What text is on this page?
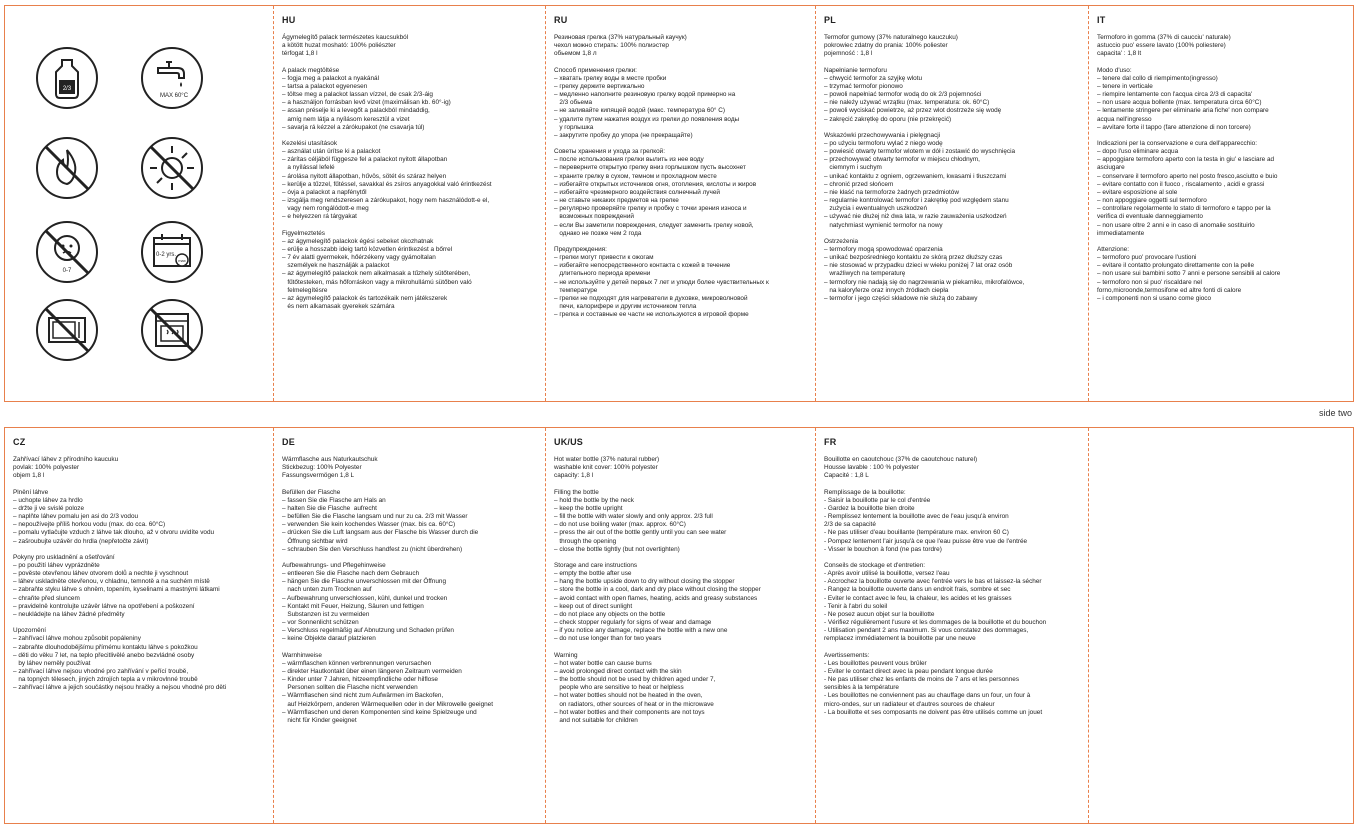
2/3
MAX 60°C
0-7
0-2 yrs.
max
HU
Ágymelegítő palack természetes kaucsukból
a kötött huzat mosható: 100% poliészter
térfogat 1,8 l
A palack megtöltése
– fogja meg a palackot a nyakánál
– tartsa a palackot egyenesen
– töltse meg a palackot lassan vízzel, de csak 2/3-áig
– a használjon forrásban levő vizet (maximálisan kb. 60°-ig)
– assan préselje ki a levegőt a palackból mindaddig,
amíg nem látja a nyílásom keresztül a vizet
– savarja rá kézzel a zárókupakot (ne csavarja túl)
Kezelési utasítások
– asználat után ürítse ki a palackot
– zárítas céljából függesze fel a palackot nyitott állapotban
a nyílással lefelé
– árolása nyitott állapotban, hűvös, sötét és száraz helyen
– kerülje a tűzzel, fűtéssel, savakkal és zsíros anyagokkal való érintkezést
– óvja a palackot a napfénytől
– izsgálja meg rendszeresen a zárókupakot, hogy nem használódott-e el,
vagy nem rongálódott-e meg
– e helyezzen rá tárgyakat
Figyelmeztetés
– az ágymelegítő palackok égési sebeket okozhatnak
– erülje a hosszabb ideig tartó közvetlen érintkezést a bőrrel
– 7 év alatti gyermekek, hőérzékeny vagy gyámoltalan
személyek ne használják a palackot
– az ágymelegítő palackok nem alkalmasak a tűzhely sütőterében,
fűtőtesteken, más hőforráskon vagy a mikrohullámú sütőben való
felmelegítésre
– az ágymelegítő palackok és tartozékaik nem játékszerek
és nem alkamasak gyerekek számára
RU
Резиновая грелка (37% натуральный каучук)
чехол можно стирать: 100% полиэстер
обьемом 1,8 л
Способ применения грелки:
– хватать грелку воды в месте пробки
– грелку держите вертикально
– медленно наполните резиновую грелку водой примерно на
2/3 обьема
– не заливайте кипящей водой (макс. температура 60° C)
– удалите путем нажатия воздух из грелки до появления воды
у горлышка
– закрутите пробку до упора (не прекращайте)
Советы хранения и ухода за грелкой:
– после использования грелки вылить из нее воду
– переверните открытую грелку вниз горлышком пусть высохнет
– храните грелку в сухом, темном и прохладном месте
– избегайте открытых источников огня, отопления, кислоты и жиров
– избегайте чрезмерного воздействия солнечный лучей
– не ставьте никаких предметов на грелке
– регулярно проверяйте грелку и пробку с точки зрения износа и
возможных повреждений
– если Вы заметили повреждения, следует заменить грелку новой,
однако не позже чем 2 года
Предупреждения:
– грелки могут привести к ожогам
– избегайте непосредственного контакта с кожей в течение
длительного периода времени
– не используйте у детей первых 7 лет и улюди более чувствительных к
температуре
– грелки не подходят для нагреватели в духовке, микроволновой
печи, калорифере и другим источником тепла
– грелка и составные ее части не используются в игровой форме
PL
Termofor gumowy (37% naturalnego kauczuku)
pokrowiec zdatny do prania: 100% poliester
pojemność : 1,8 l
Napełnianie termoforu
– chwycić termofor za szyjkę wlotu
– trzymać termofor pionowo
– powoli napełniać termofor wodą do ok 2/3 pojemności
– nie należy używać wrzątku (max. temperatura: ok. 60°C)
– powoli wyciskać powietrze, aż przez wlot dostrzeże się wodę
– zakręcić zakrętkę do oporu (nie przekręcić)
Wskazówki przechowywania i pielęgnacji
– po użyciu termoforu wylać z niego wodę
– powiesić otwarty termofor wlotem w dół i zostawić do wyschnięcia
– przechowywać otwarty termofor w miejscu chłodnym,
ciemnym i suchym
– unikać kontaktu z ogniem, ogrzewaniem, kwasami i tłuszczami
– chronić przed słońcem
– nie kłaść na termoforze żadnych przedmiotów
– regularnie kontrolować termofor i zakrętkę pod względem stanu
zużycia i ewentualnych uszkodzeń
– używać nie dłużej niż dwa lata, w razie zauważenia uszkodzeń
natychmiast wymienić termofor na nowy
Ostrzeżenia
– termofory mogą spowodować oparzenia
– unikać bezpośredniego kontaktu ze skórą przez dłuższy czas
– nie stosować w przypadku dzieci w wieku poniżej 7 lat oraz osób
wrażliwych na temperaturę
– termofory nie nadają się do nagrzewania w piekarniku, mikrofalówce,
na kaloryferze oraz innych źródłach ciepła
– termofor i jego części składowe nie służą do zabawy
IT
Termoforo in gomma (37% di caucciu' naturale)
astuccio puo' essere lavato (100% poliestere)
capacita' : 1,8 lt
Modo d'uso:
– tenere dal collo di riempimento(ingresso)
– tenere in verticale
– riempire lentamente con l'acqua circa 2/3 di capacita'
– non usare acqua bollente (max. temperatura circa 60°C)
– lentamente stringere per eliminarie aria fiche' non compare
acqua nell'ingresso
– avvitare forte il tappo (fare attenzione di non torcere)
Indicazioni per la conservazione e cura dell'apparecchio:
– dopo l'uso eliminare acqua
– appoggiare termoforo aperto con la testa in giu' e lasciare ad
asciugare
– conservare il termoforo aperto nel posto fresco,asciutto e buio
– evitare contatto con il fuoco , riscalamento , acidi e grassi
– evitare esposizione al sole
– non appoggiare oggetti sul termoforo
– controllare regolarmente lo stato di termoforo e tappo per la
verifica di eventuale danneggiamento
– non usare oltre 2 anni e in caso di anomalie sostituirlo
immediatamente
Attenzione:
– termoforo puo' provocare l'ustioni
– evitare il contatto prolungato direttamente con la pelle
– non usare sui bambini sotto 7 anni e persone sensibili al calore
– termoforo non si puo' riscaldare nel
forno,microonde,termosifone ed altre fonti di calore
– i componenti non si usano come gioco
side two
CZ
Zahřívací láhev z přírodního kaucuku
povlak: 100% polyester
objem 1,8 l
Plnění láhve
– uchopte láhev za hrdlo
– držte ji ve svislé poloze
– naplňte láhev pomalu jen asi do 2/3 vodou
– nepoužívejte příliš horkou vodu (max. do cca. 60°C)
– pomalu vytlačujte vzduch z láhve tak dlouho, až v otvoru uvidíte vodu
– zašroubujte uzávěr do hrdla (nepřetočte závit)
Pokyny pro uskladnění a ošetřování
– po použití láhev vyprázdněte
– pověste otevřenou láhev otvorem dolů a nechte ji vyschnout
– láhev uskladněte otevřenou, v chladnu, temnotě a na suchém místě
– zabraňte styku láhve s ohněm, topením, kyselinami a mastnými látkami
– chraňte před sluncem
– pravidelně kontrolujte uzávěr láhve na opotřebení a poškození
– neukládejte na láhev žádné předměty
Upozornění
– zahřívací láhve mohou způsobit popáleniny
– zabraňte dlouhodobějšímu přímému kontaktu láhve s pokožkou
– děti do věku 7 let, na teplo přecitlivělé anebo bezvládné osoby
by láhev neměly používat
– zahřívací láhve nejsou vhodné pro zahřívání v peřící troubě,
na topných tělesech, jiných zdrojích tepla a v mikrovlnné troubě
– zahřívací láhve a jejich součástky nejsou hračky a nejsou vhodné pro děti
DE
Wärmflasche aus Naturkautschuk
Stickbezug: 100% Polyester
Fassungsvermögen 1,8 L
Befüllen der Flasche
– fassen Sie die Flasche am Hals an
– halten Sie die Flasche  aufrecht
– befüllen Sie die Flasche langsam und nur zu ca. 2/3 mit Wasser
– verwenden Sie kein kochendes Wasser (max. bis ca. 60°C)
– drücken Sie die Luft langsam aus der Flasche bis Wasser durch die
Öffnung sichtbar wird
– schrauben Sie den Verschluss handfest zu (nicht überdrehen)
Aufbewahrungs- und Pflegehinweise
– entleeren Sie die Flasche nach dem Gebrauch
– hängen Sie die Flasche unverschlossen mit der Öffnung
nach unten zum Trocknen auf
– Aufbewahrung unverschlossen, kühl, dunkel und trocken
– Kontakt mit Feuer, Heizung, Säuren und fettigen
Substanzen ist zu vermeiden
– vor Sonnenlicht schützen
– Verschluss regelmäßig auf Abnutzung und Schaden prüfen
– keine Objekte darauf platzieren
Warnhinweise
– wärmflaschen können verbrennungen verursachen
– direkter Hautkontakt über einen längeren Zeitraum vermeiden
– Kinder unter 7 Jahren, hitzeempfindliche oder hilflose
Personen sollten die Flasche nicht verwenden
– Wärmflaschen sind nicht zum Aufwärmen im Backofen,
auf Heizkörpern, anderen Wärmequellen oder in der Mikrowelle geeignet
– Wärmflaschen und deren Komponenten sind keine Spielzeuge und
nicht für Kinder geeignet
UK/US
Hot water bottle (37% natural rubber)
washable knit cover: 100% polyester
capacity: 1,8 l
Filling the bottle
– hold the bottle by the neck
– keep the bottle upright
– fill the bottle with water slowly and only approx. 2/3 full
– do not use boiling water (max. approx. 60°C)
– press the air out of the bottle gently until you can see water
through the opening
– close the bottle tightly (but not overtighten)
Storage and care instructions
– empty the bottle after use
– hang the bottle upside down to dry without closing the stopper
– store the bottle in a cool, dark and dry place without closing the stopper
– avoid contact with open flames, heating, acids and greasy substances
– keep out of direct sunlight
– do not place any objects on the bottle
– check stopper regularly for signs of wear and damage
– if you notice any damage, replace the bottle with a new one
– do not use longer than for two years
Warning
– hot water bottle can cause burns
– avoid prolonged direct contact with the skin
– the bottle should not be used by children aged under 7,
people who are sensitive to heat or helpless
– hot water bottles should not be heated in the oven,
on radiators, other sources of heat or in the microwave
– hot water bottles and their components are not toys
and not suitable for children
FR
Bouillotte en caoutchouc (37% de caoutchouc naturel)
Housse lavable : 100 % polyester
Capacité : 1,8 L
Remplissage de la bouillotte:
- Saisir la bouillotte par le col d'entrée
- Gardez la bouillotte bien droite
- Remplissez lentement la bouillotte avec de l'eau jusqu'à environ
2/3 de sa capacité
- Ne pas utiliser d'eau bouillante (température max. environ 60 C)
- Pompez lentement l'air jusqu'à ce que l'eau puisse être vue de l'entrée
- Visser le bouchon à fond (ne pas tordre)
Conseils de stockage et d'entretien:
- Après avoir utilisé la bouillotte, versez l'eau
- Accrochez la bouillotte ouverte avec l'entrée vers le bas et laissez-la sécher
- Rangez la bouillotte ouverte dans un endroit frais, sombre et sec
- Eviter le contact avec le feu, la chaleur, les acides et les graisses
- Tenir à l'abri du soleil
- Ne posez aucun objet sur la bouillotte
- Vérifiez régulièrement l'usure et les dommages de la bouillotte et du bouchon
- Utilisation pendant 2 ans maximum. Si vous constatez des dommages,
remplacez immédiatement la bouillotte par une neuve
Avertissements:
- Les bouillottes peuvent vous brûler
- Eviter le contact direct avec la peau pendant longue durée
- Ne pas utiliser chez les enfants de moins de 7 ans et les personnes
sensibles à la température
- Les bouillottes ne conviennent pas au chauffage dans un four, un four à
micro-ondes, sur un radiateur et d'autres sources de chaleur
- La bouillotte et ses composants ne doivent pas être utilisés comme un jouet
